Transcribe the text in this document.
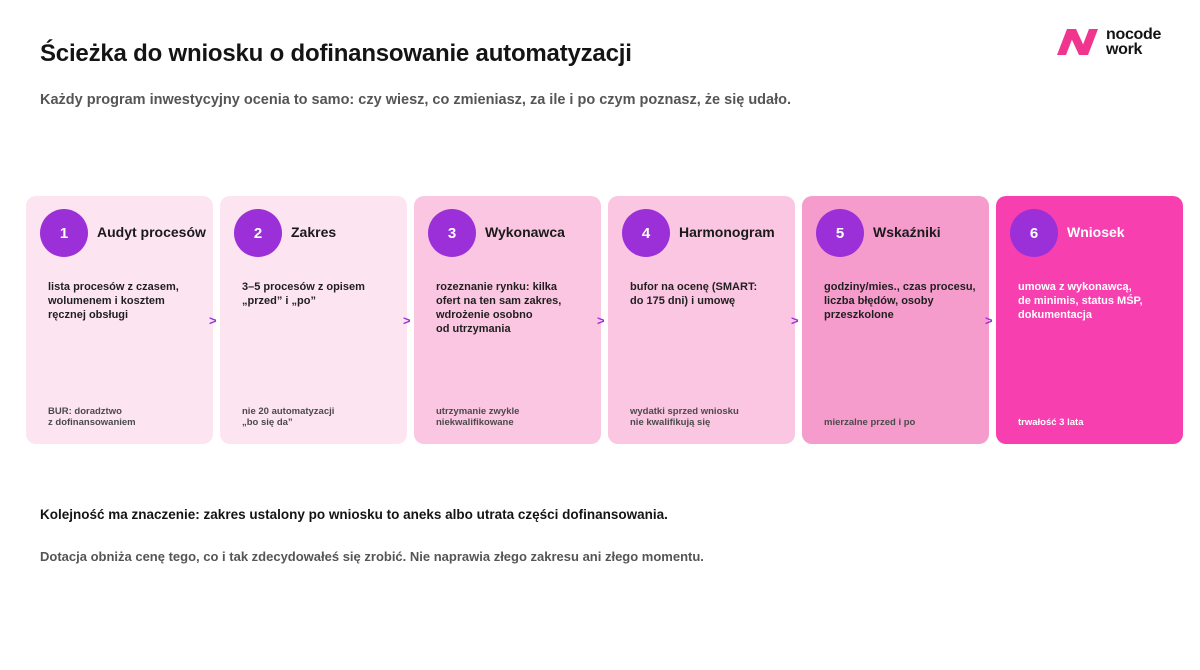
Ścieżka do wniosku o dofinansowanie automatyzacji
Każdy program inwestycyjny ocenia to samo: czy wiesz, co zmieniasz, za ile i po czym poznasz, że się udało.
nocode
work
1	Audyt procesów
lista procesów z czasem,
wolumenem i kosztem
ręcznej obsługi
BUR: doradztwo
z dofinansowaniem
>
2	Zakres
3–5 procesów z opisem
„przed” i „po”
nie 20 automatyzacji
„bo się da”
>
3	Wykonawca
rozeznanie rynku: kilka
ofert na ten sam zakres,
wdrożenie osobno
od utrzymania
utrzymanie zwykle
niekwalifikowane
>
4	Harmonogram
bufor na ocenę (SMART:
do 175 dni) i umowę
wydatki sprzed wniosku
nie kwalifikują się
>
5	Wskaźniki
godziny/mies., czas procesu,
liczba błędów, osoby
przeszkolone
mierzalne przed i po
>
6	Wniosek
umowa z wykonawcą,
de minimis, status MŚP,
dokumentacja
trwałość 3 lata
Kolejność ma znaczenie: zakres ustalony po wniosku to aneks albo utrata części dofinansowania.
Dotacja obniża cenę tego, co i tak zdecydowałeś się zrobić. Nie naprawia złego zakresu ani złego momentu.
